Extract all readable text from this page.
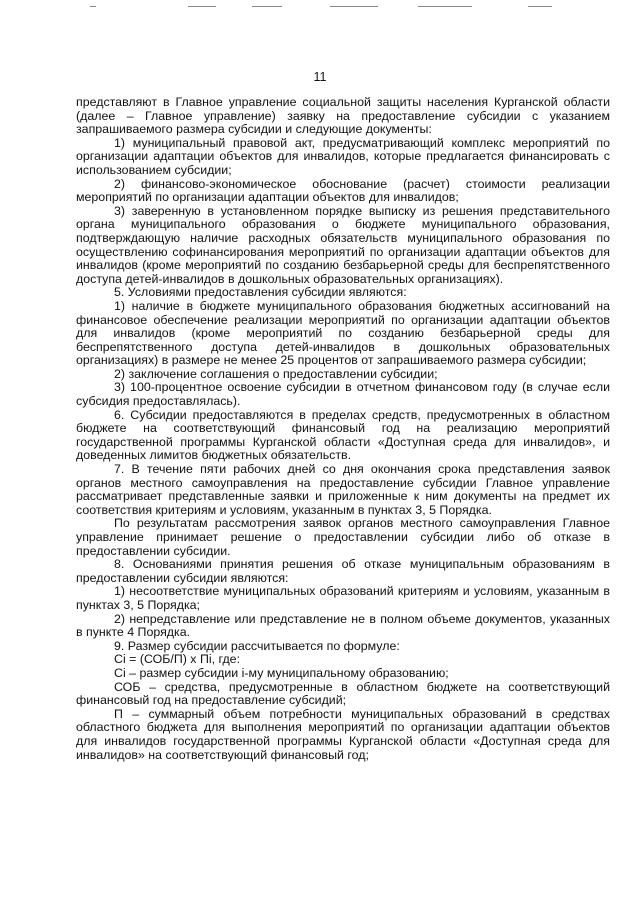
11

представляют в Главное управление социальной защиты населения Курганской области (далее – Главное управление) заявку на предоставление субсидии с указанием запрашиваемого размера субсидии и следующие документы:

1) муниципальный правовой акт, предусматривающий комплекс мероприятий по организации адаптации объектов для инвалидов, которые предлагается финансировать с использованием субсидии;

2) финансово-экономическое обоснование (расчет) стоимости реализации мероприятий по организации адаптации объектов для инвалидов;

3) заверенную в установленном порядке выписку из решения представительного органа муниципального образования о бюджете муниципального образования, подтверждающую наличие расходных обязательств муниципального образования по осуществлению софинансирования мероприятий по организации адаптации объектов для инвалидов (кроме мероприятий по созданию безбарьерной среды для беспрепятственного доступа детей-инвалидов в дошкольных образовательных организациях).

5. Условиями предоставления субсидии являются:

1) наличие в бюджете муниципального образования бюджетных ассигнований на финансовое обеспечение реализации мероприятий по организации адаптации объектов для инвалидов (кроме мероприятий по созданию безбарьерной среды для беспрепятственного доступа детей-инвалидов в дошкольных образовательных организациях) в размере не менее 25 процентов от запрашиваемого размера субсидии;

2) заключение соглашения о предоставлении субсидии;

3) 100-процентное освоение субсидии в отчетном финансовом году (в случае если субсидия предоставлялась).

6. Субсидии предоставляются в пределах средств, предусмотренных в областном бюджете на соответствующий финансовый год на реализацию мероприятий государственной программы Курганской области «Доступная среда для инвалидов», и доведенных лимитов бюджетных обязательств.

7. В течение пяти рабочих дней со дня окончания срока представления заявок органов местного самоуправления на предоставление субсидии Главное управление рассматривает представленные заявки и приложенные к ним документы на предмет их соответствия критериям и условиям, указанным в пунктах 3, 5 Порядка.

По результатам рассмотрения заявок органов местного самоуправления Главное управление принимает решение о предоставлении субсидии либо об отказе в предоставлении субсидии.

8. Основаниями принятия решения об отказе муниципальным образованиям в предоставлении субсидии являются:

1) несоответствие муниципальных образований критериям и условиям, указанным в пунктах 3, 5 Порядка;

2) непредставление или представление не в полном объеме документов, указанных в пункте 4 Порядка.

9. Размер субсидии рассчитывается по формуле:

Ci = (СОБ/П) х Пi, где:

Ci – размер субсидии i-му муниципальному образованию;

СОБ – средства, предусмотренные в областном бюджете на соответствующий финансовый год на предоставление субсидий;

П – суммарный объем потребности муниципальных образований в средствах областного бюджета для выполнения мероприятий по организации адаптации объектов для инвалидов государственной программы Курганской области «Доступная среда для инвалидов» на соответствующий финансовый год;
